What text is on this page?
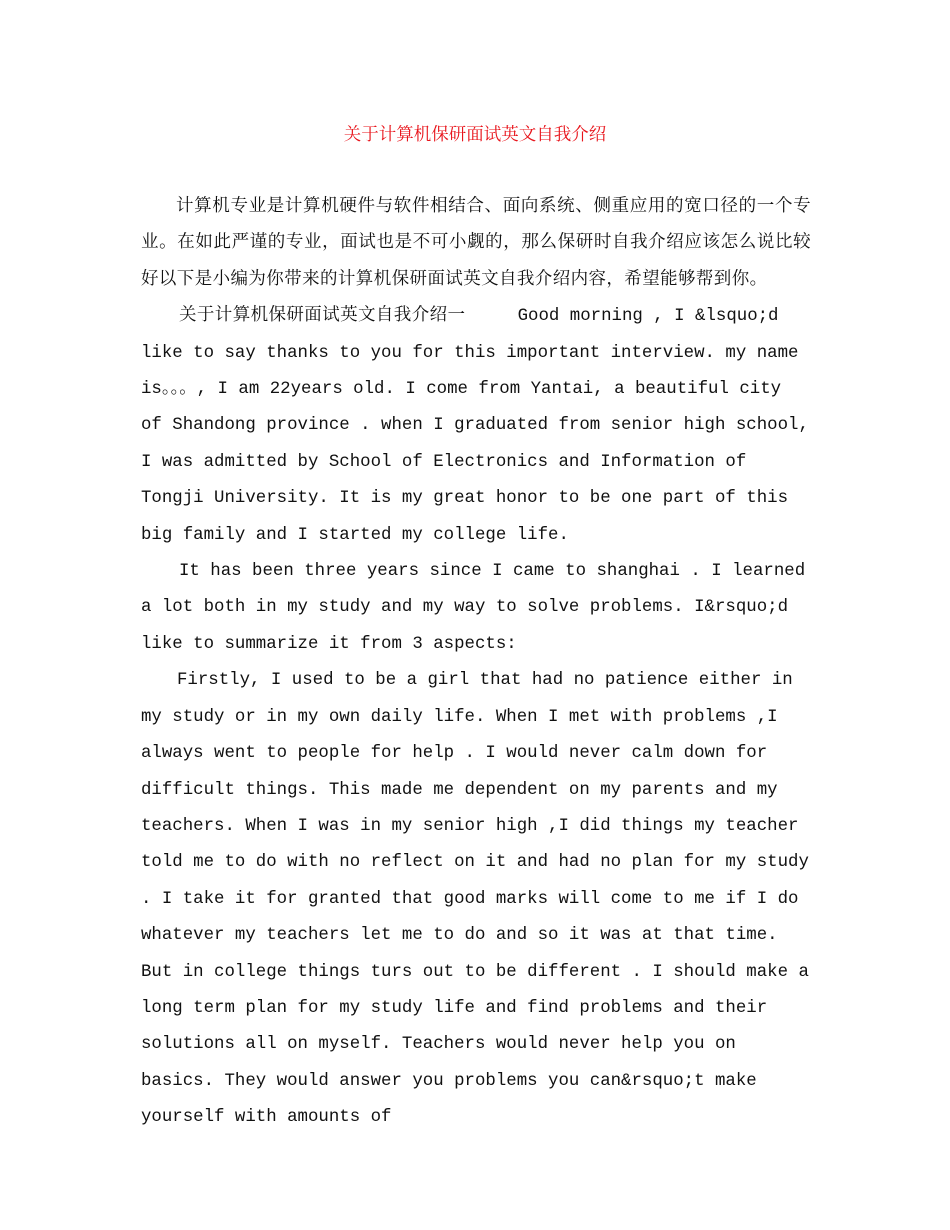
关于计算机保研面试英文自我介绍

计算机专业是计算机硬件与软件相结合、面向系统、侧重应用的宽口径的一个专业。在如此严谨的专业，面试也是不可小觑的，那么保研时自我介绍应该怎么说比较好以下是小编为你带来的计算机保研面试英文自我介绍内容，希望能够帮到你。

关于计算机保研面试英文自我介绍一	Good morning , I &lsquo;d like to say thanks to you for this important interview. my name is。。。, I am 22years old. I come from Yantai, a beautiful city of Shandong province . when I graduated from senior high school, I was admitted by School of Electronics and Information of Tongji University. It is my great honor to be one part of this big family and I started my college life.

It has been three years since I came to shanghai . I learned a lot both in my study and my way to solve problems. I&rsquo;d like to summarize it from 3 aspects:

Firstly, I used to be a girl that had no patience either in my study or in my own daily life. When I met with problems ,I always went to people for help . I would never calm down for difficult things. This made me dependent on my parents and my teachers. When I was in my senior high ,I did things my teacher told me to do with no reflect on it and had no plan for my study . I take it for granted that good marks will come to me if I do whatever my teachers let me to do and so it was at that time. But in college things turs out to be different . I should make a long term plan for my study life and find problems and their solutions all on myself. Teachers would never help you on basics. They would answer you problems you can&rsquo;t make yourself with amounts of
